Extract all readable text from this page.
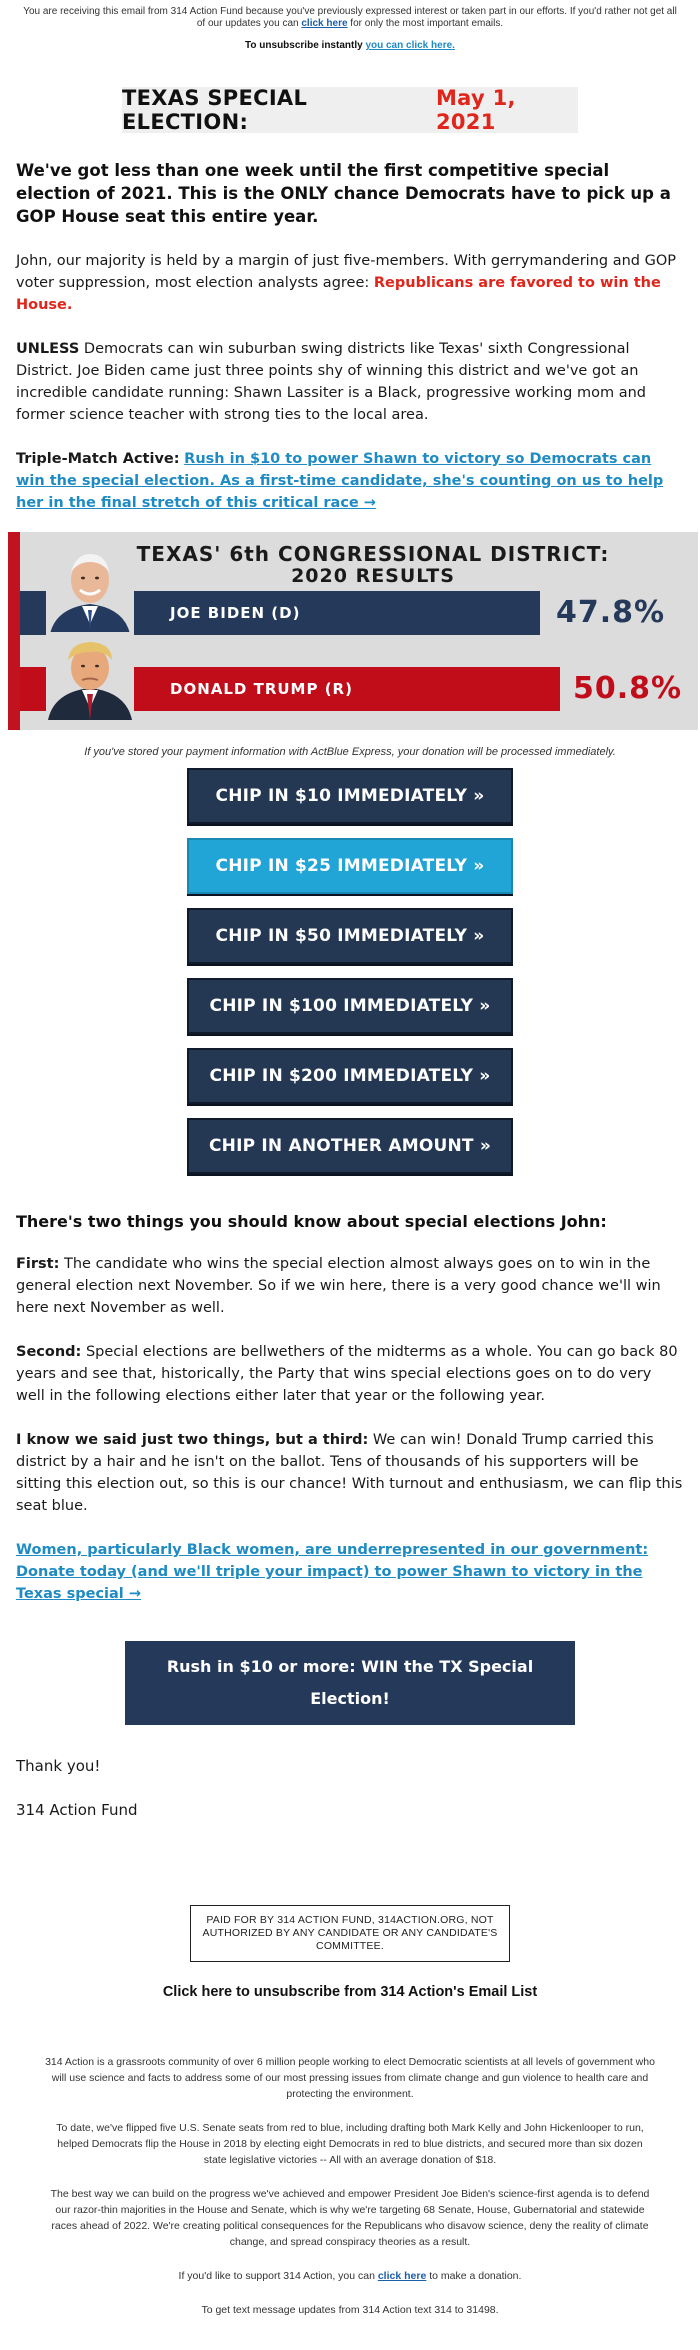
You are receiving this email from 314 Action Fund because you've previously expressed interest or taken part in our efforts. If you'd rather not get all of our updates you can click here for only the most important emails.
To unsubscribe instantly you can click here.
TEXAS SPECIAL ELECTION:
May 1, 2021

We've got less than one week until the first competitive special election of 2021. This is the ONLY chance Democrats have to pick up a GOP House seat this entire year.

John, our majority is held by a margin of just five-members. With gerrymandering and GOP voter suppression, most election analysts agree: Republicans are favored to win the House.

UNLESS Democrats can win suburban swing districts like Texas' sixth Congressional District. Joe Biden came just three points shy of winning this district and we've got an incredible candidate running: Shawn Lassiter is a Black, progressive working mom and former science teacher with strong ties to the local area.

Triple-Match Active: Rush in $10 to power Shawn to victory so Democrats can win the special election. As a first-time candidate, she's counting on us to help her in the final stretch of this critical race →

TEXAS' 6th CONGRESSIONAL DISTRICT:
2020 RESULTS
JOE BIDEN (D)	47.8%
DONALD TRUMP (R)	50.8%

If you've stored your payment information with ActBlue Express, your donation will be processed immediately.

CHIP IN $10 IMMEDIATELY »
CHIP IN $25 IMMEDIATELY »
CHIP IN $50 IMMEDIATELY »
CHIP IN $100 IMMEDIATELY »
CHIP IN $200 IMMEDIATELY »
CHIP IN ANOTHER AMOUNT »

There's two things you should know about special elections John:

First: The candidate who wins the special election almost always goes on to win in the general election next November. So if we win here, there is a very good chance we'll win here next November as well.

Second: Special elections are bellwethers of the midterms as a whole. You can go back 80 years and see that, historically, the Party that wins special elections goes on to do very well in the following elections either later that year or the following year.

I know we said just two things, but a third: We can win! Donald Trump carried this district by a hair and he isn't on the ballot. Tens of thousands of his supporters will be sitting this election out, so this is our chance! With turnout and enthusiasm, we can flip this seat blue.

Women, particularly Black women, are underrepresented in our government: Donate today (and we'll triple your impact) to power Shawn to victory in the Texas special →

Rush in $10 or more: WIN the TX Special Election!

Thank you!

314 Action Fund

PAID FOR BY 314 ACTION FUND, 314ACTION.ORG, NOT AUTHORIZED BY ANY CANDIDATE OR ANY CANDIDATE'S COMMITTEE.

Click here to unsubscribe from 314 Action's Email List

314 Action is a grassroots community of over 6 million people working to elect Democratic scientists at all levels of government who will use science and facts to address some of our most pressing issues from climate change and gun violence to health care and protecting the environment.

To date, we've flipped five U.S. Senate seats from red to blue, including drafting both Mark Kelly and John Hickenlooper to run, helped Democrats flip the House in 2018 by electing eight Democrats in red to blue districts, and secured more than six dozen state legislative victories -- All with an average donation of $18.

The best way we can build on the progress we've achieved and empower President Joe Biden's science-first agenda is to defend our razor-thin majorities in the House and Senate, which is why we're targeting 68 Senate, House, Gubernatorial and statewide races ahead of 2022. We're creating political consequences for the Republicans who disavow science, deny the reality of climate change, and spread conspiracy theories as a result.

If you'd like to support 314 Action, you can click here to make a donation.

To get text message updates from 314 Action text 314 to 31498.
